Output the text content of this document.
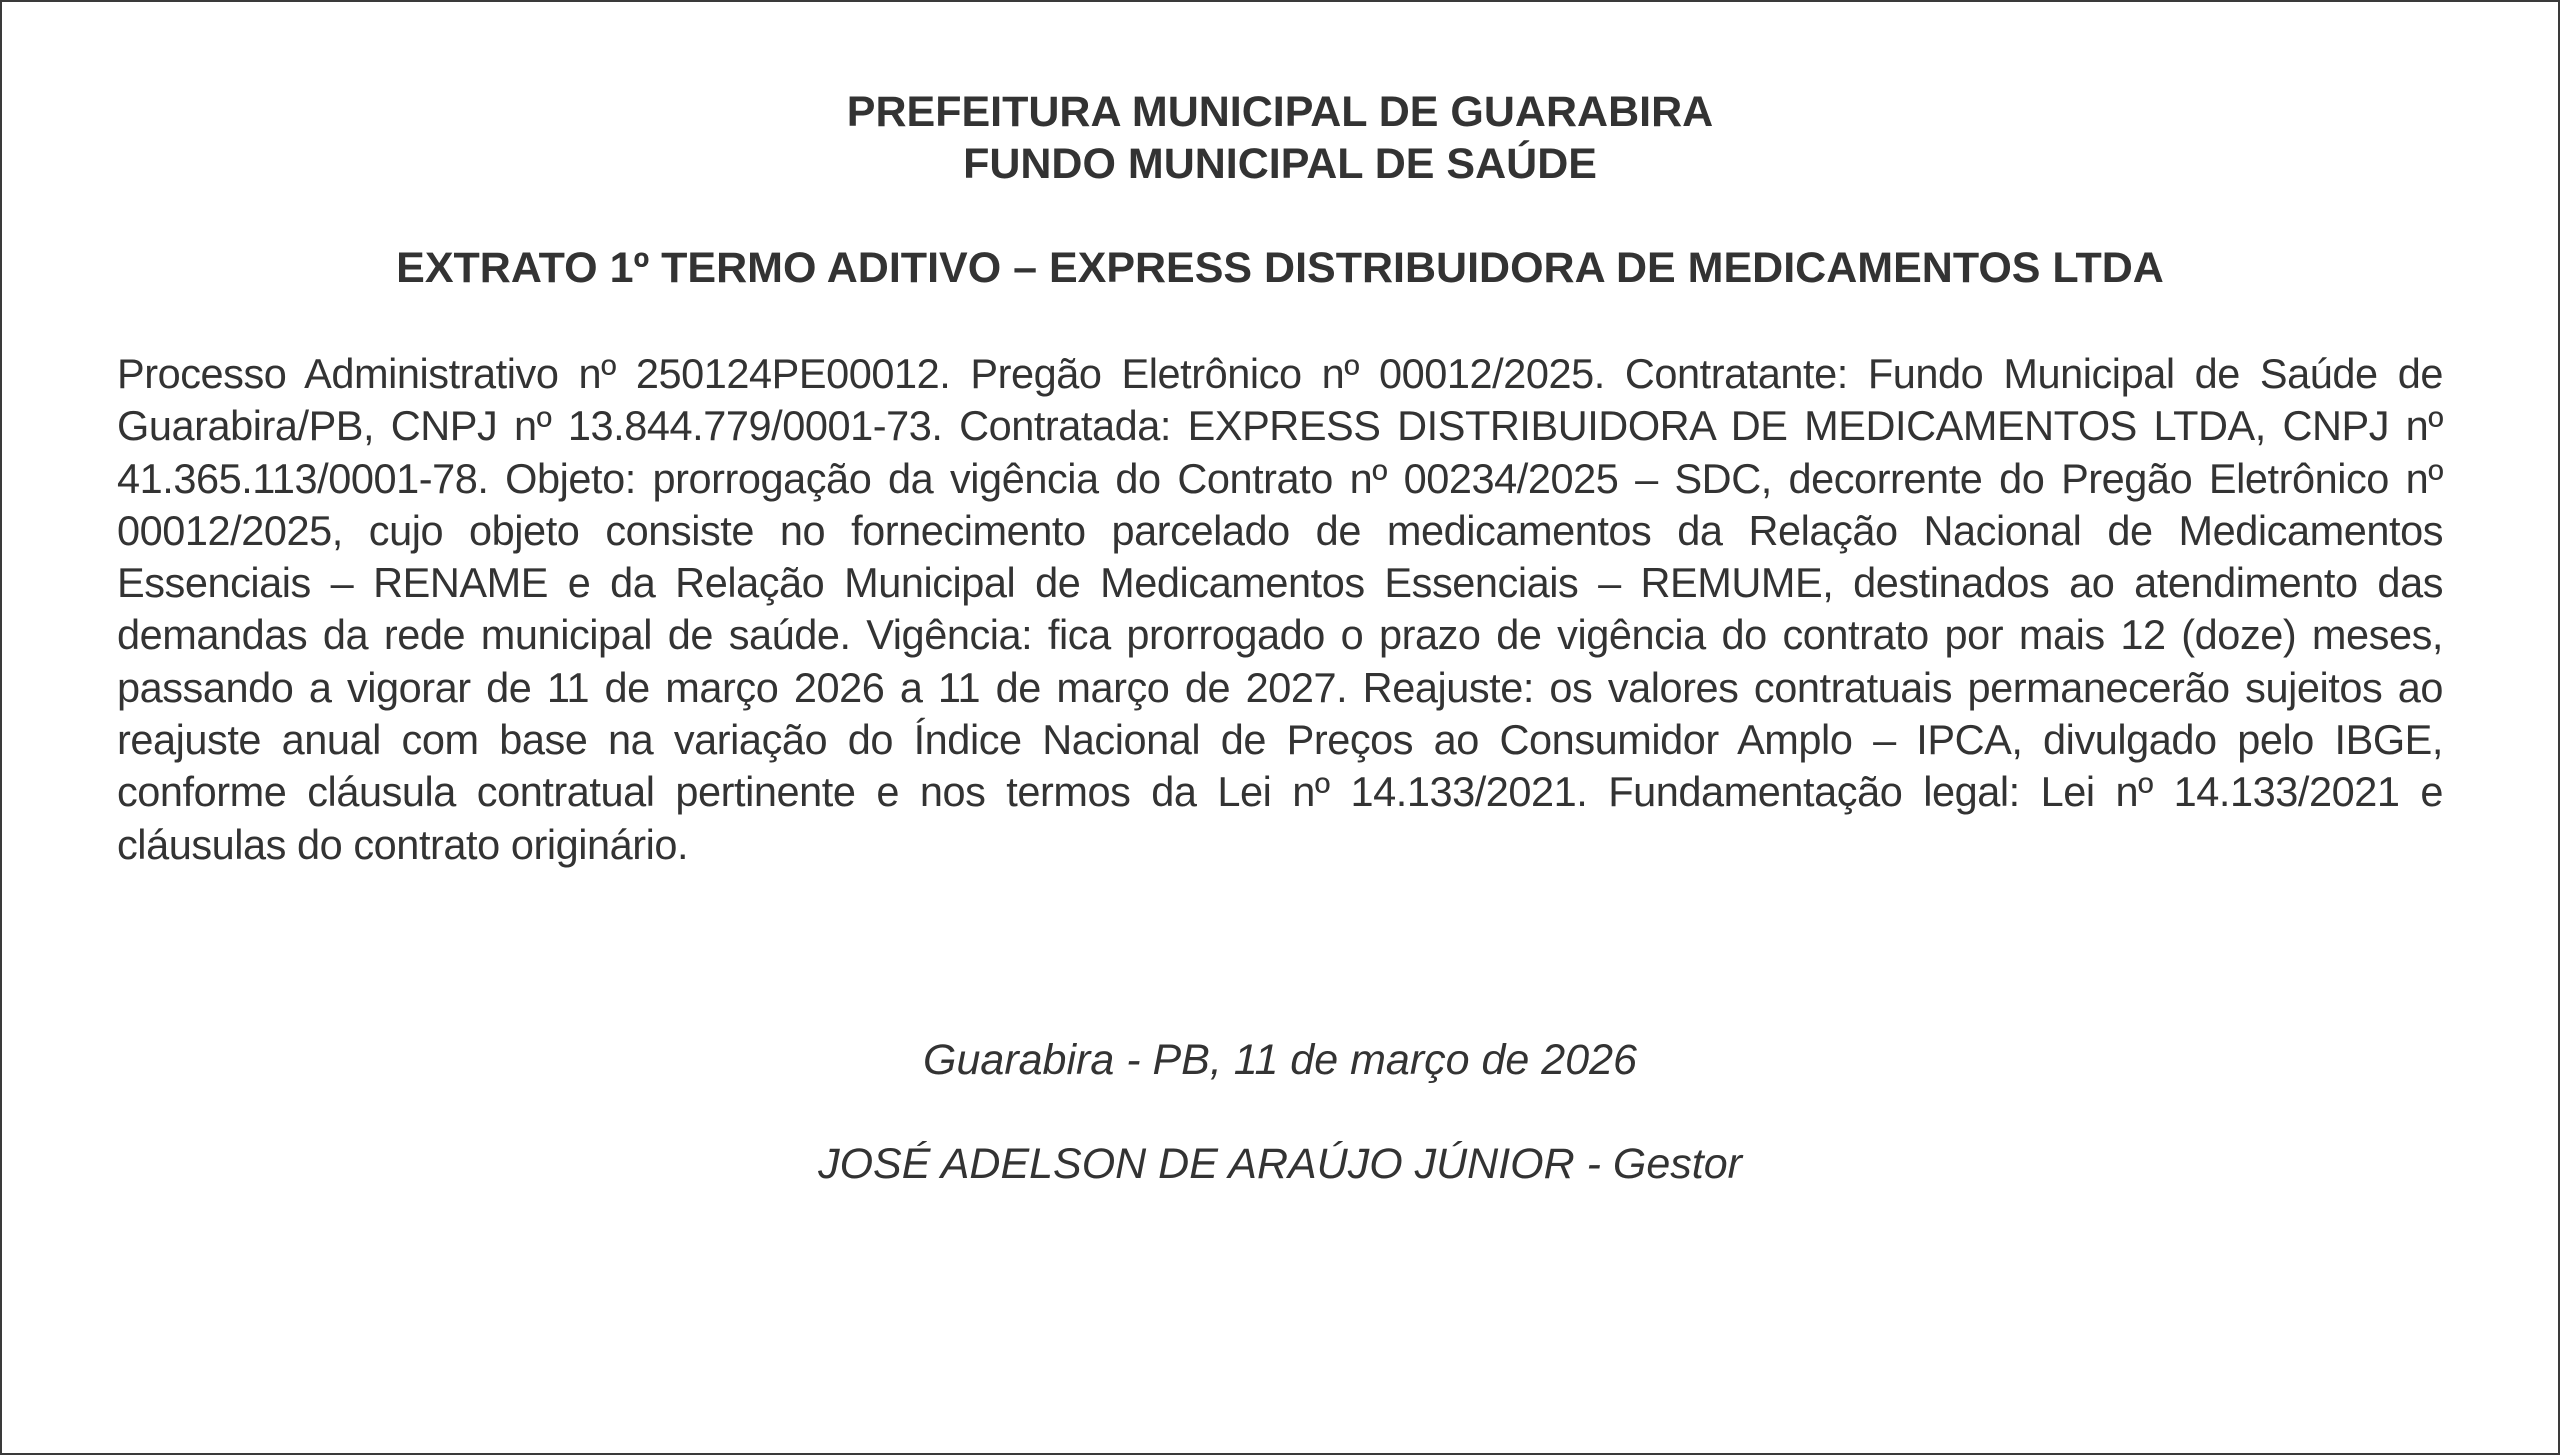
PREFEITURA MUNICIPAL DE GUARABIRA
FUNDO MUNICIPAL DE SAÚDE
EXTRATO 1º TERMO ADITIVO – EXPRESS DISTRIBUIDORA DE MEDICAMENTOS LTDA
Processo Administrativo nº 250124PE00012. Pregão Eletrônico nº 00012/2025. Contratante: Fundo Municipal de Saúde de Guarabira/PB, CNPJ nº 13.844.779/0001-73. Contratada: EXPRESS DISTRIBUIDORA DE MEDICAMENTOS LTDA, CNPJ nº 41.365.113/0001-78. Objeto: prorrogação da vigência do Contrato nº 00234/2025 – SDC, decorrente do Pregão Eletrônico nº 00012/2025, cujo objeto consiste no fornecimento parcelado de medicamentos da Relação Nacional de Medicamentos Essenciais – RENAME e da Relação Municipal de Medicamentos Essenciais – REMUME, destinados ao atendimento das demandas da rede municipal de saúde. Vigência: fica prorrogado o prazo de vigência do contrato por mais 12 (doze) meses, passando a vigorar de 11 de março 2026 a 11 de março de 2027. Reajuste: os valores contratuais permanecerão sujeitos ao reajuste anual com base na variação do Índice Nacional de Preços ao Consumidor Amplo – IPCA, divulgado pelo IBGE, conforme cláusula contratual pertinente e nos termos da Lei nº 14.133/2021. Fundamentação legal: Lei nº 14.133/2021 e cláusulas do contrato originário.
Guarabira - PB, 11 de março de 2026
JOSÉ ADELSON DE ARAÚJO JÚNIOR - Gestor
